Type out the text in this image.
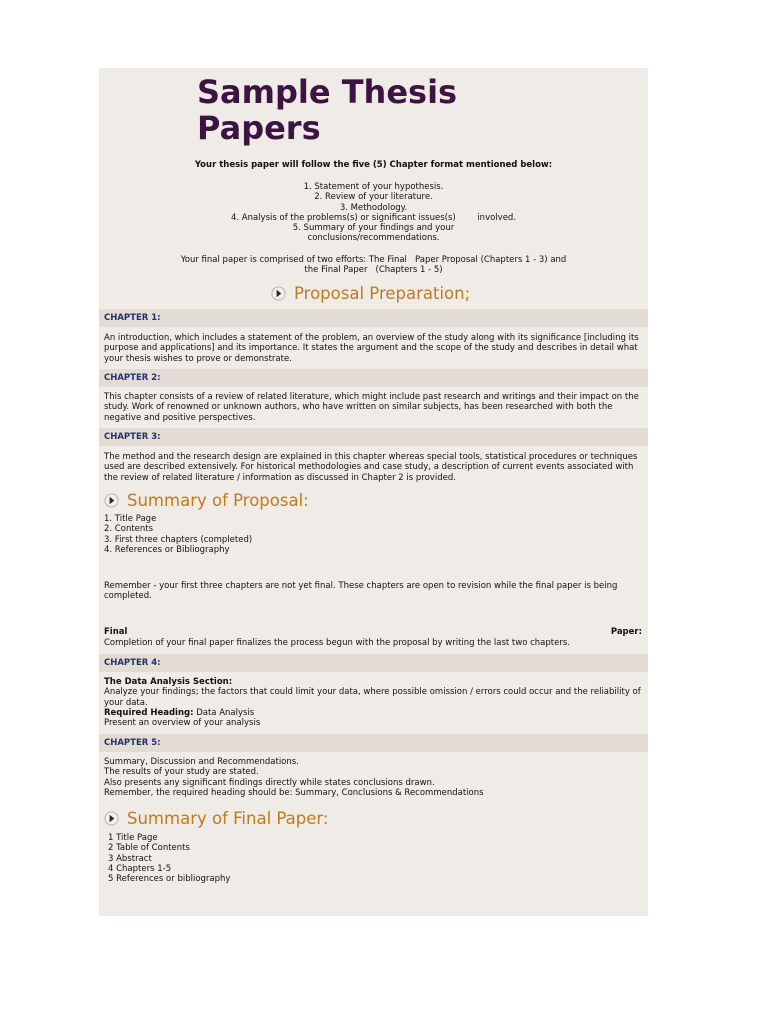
Sample Thesis
Papers
Your thesis paper will follow the five (5) Chapter format mentioned below:
1. Statement of your hypothesis.
2. Review of your literature.
3. Methodology.
4. Analysis of the problems(s) or significant issues(s)        involved.
5. Summary of your findings and your
conclusions/recommendations.
Your final paper is comprised of two efforts: The Final   Paper Proposal (Chapters 1 - 3) and
the Final Paper   (Chapters 1 - 5)
Proposal Preparation;
CHAPTER 1:
An introduction, which includes a statement of the problem, an overview of the study along with its significance [including its purpose and applications] and its importance. It states the argument and the scope of the study and describes in detail what your thesis wishes to prove or demonstrate.
CHAPTER 2:
This chapter consists of a review of related literature, which might include past research and writings and their impact on the study. Work of renowned or unknown authors, who have written on similar subjects, has been researched with both the negative and positive perspectives.
CHAPTER 3:
The method and the research design are explained in this chapter whereas special tools, statistical procedures or techniques used are described extensively. For historical methodologies and case study, a description of current events associated with the review of related literature / information as discussed in Chapter 2 is provided.
Summary of Proposal:
1. Title Page
2. Contents
3. First three chapters (completed)
4. References or Bibliography
Remember - your first three chapters are not yet final. These chapters are open to revision while the final paper is being completed.
Final	Paper:
Completion of your final paper finalizes the process begun with the proposal by writing the last two chapters.
CHAPTER 4:
The Data Analysis Section:
Analyze your findings; the factors that could limit your data, where possible omission / errors could occur and the reliability of your data.
Required Heading: Data Analysis
Present an overview of your analysis
CHAPTER 5:
Summary, Discussion and Recommendations.
The results of your study are stated.
Also presents any significant findings directly while states conclusions drawn.
Remember, the required heading should be: Summary, Conclusions & Recommendations
Summary of Final Paper:
1 Title Page
2 Table of Contents
3 Abstract
4 Chapters 1-5
5 References or bibliography
